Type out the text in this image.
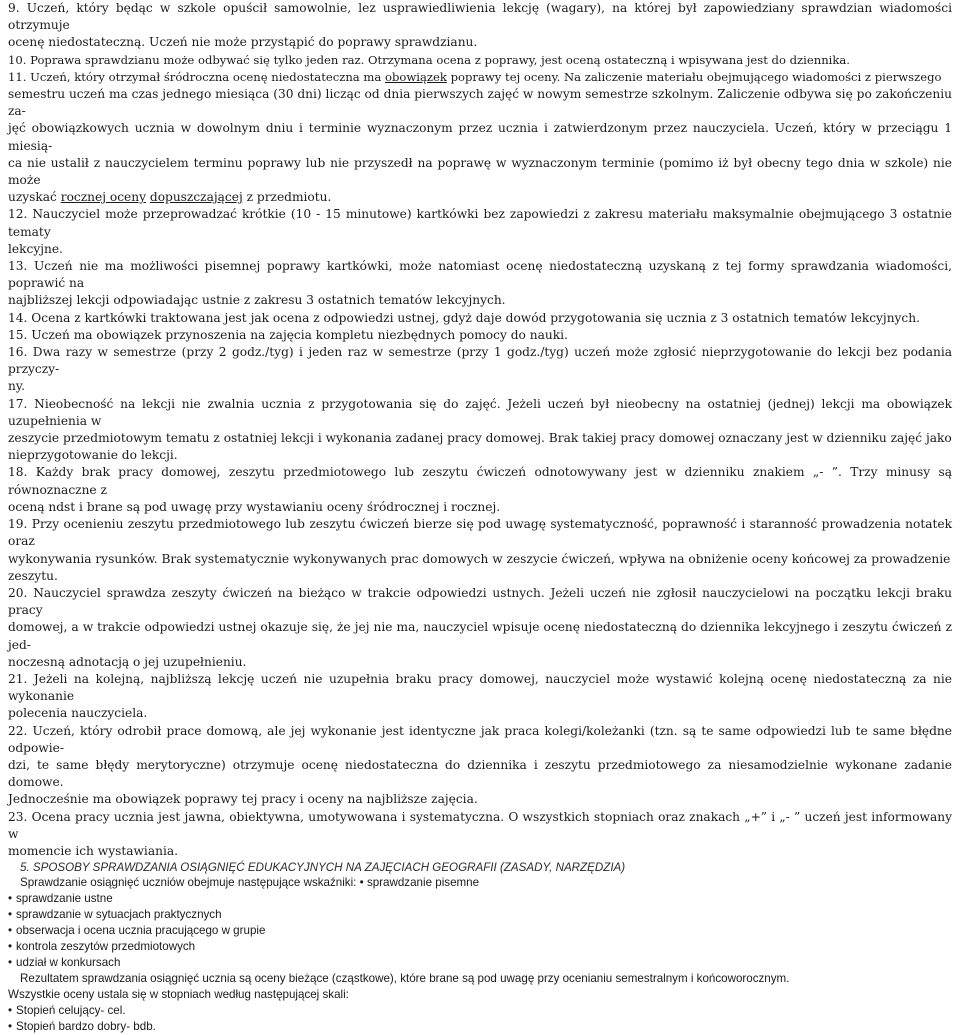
9. Uczeń, który będąc w szkole opuścił samowolnie, lez usprawiedliwienia lekcję (wagary), na której był zapowiedziany sprawdzian wiadomości otrzymuje
ocenę niedostateczną. Uczeń nie może przystąpić do poprawy sprawdzianu.

10. Poprawa sprawdzianu może odbywać się tylko jeden raz. Otrzymana ocena z poprawy, jest oceną ostateczną i wpisywana jest do dziennika.

11. Uczeń, który otrzymał śródroczna ocenę niedostateczna ma obowiązek poprawy tej oceny. Na zaliczenie materiału obejmującego wiadomości z pierwszego
semestru uczeń ma czas jednego miesiąca (30 dni) licząc od dnia pierwszych zajęć w nowym semestrze szkolnym. Zaliczenie odbywa się po zakończeniu za-
jęć obowiązkowych ucznia w dowolnym dniu i terminie wyznaczonym przez ucznia i zatwierdzonym przez nauczyciela. Uczeń, który w przeciągu 1 miesią-
ca nie ustalił z nauczycielem terminu poprawy lub nie przyszedł na poprawę w wyznaczonym terminie (pomimo iż był obecny tego dnia w szkole) nie może
uzyskać rocznej oceny dopuszczającej z przedmiotu.

12. Nauczyciel może przeprowadzać krótkie (10 - 15 minutowe) kartkówki bez zapowiedzi z zakresu materiału maksymalnie obejmującego 3 ostatnie tematy
lekcyjne.

13. Uczeń nie ma możliwości pisemnej poprawy kartkówki, może natomiast ocenę niedostateczną uzyskaną z tej formy sprawdzania wiadomości, poprawić na
najbliższej lekcji odpowiadając ustnie z zakresu 3 ostatnich tematów lekcyjnych.

14. Ocena z kartkówki traktowana jest jak ocena z odpowiedzi ustnej, gdyż daje dowód przygotowania się ucznia z 3 ostatnich tematów lekcyjnych.

15. Uczeń ma obowiązek przynoszenia na zajęcia kompletu niezbędnych pomocy do nauki.

16. Dwa razy w semestrze (przy 2 godz./tyg) i jeden raz w semestrze (przy 1 godz./tyg) uczeń może zgłosić nieprzygotowanie do lekcji bez podania przyczy-
ny.

17. Nieobecność na lekcji nie zwalnia ucznia z przygotowania się do zajęć. Jeżeli uczeń był nieobecny na ostatniej (jednej) lekcji ma obowiązek uzupełnienia w
zeszycie przedmiotowym tematu z ostatniej lekcji i wykonania zadanej pracy domowej. Brak takiej pracy domowej oznaczany jest w dzienniku zajęć jako
nieprzygotowanie do lekcji.

18. Każdy brak pracy domowej, zeszytu przedmiotowego lub zeszytu ćwiczeń odnotowywany jest w dzienniku znakiem „- ”. Trzy minusy są równoznaczne z
oceną ndst i brane są pod uwagę przy wystawianiu oceny śródrocznej i rocznej.

19. Przy ocenieniu zeszytu przedmiotowego lub zeszytu ćwiczeń bierze się pod uwagę systematyczność, poprawność i staranność prowadzenia notatek oraz
wykonywania rysunków. Brak systematycznie wykonywanych prac domowych w zeszycie ćwiczeń, wpływa na obniżenie oceny końcowej za prowadzenie
zeszytu.

20. Nauczyciel sprawdza zeszyty ćwiczeń na bieżąco w trakcie odpowiedzi ustnych. Jeżeli uczeń nie zgłosił nauczycielowi na początku lekcji braku pracy
domowej, a w trakcie odpowiedzi ustnej okazuje się, że jej nie ma, nauczyciel wpisuje ocenę niedostateczną do dziennika lekcyjnego i zeszytu ćwiczeń z jed-
noczesną adnotacją o jej uzupełnieniu.

21. Jeżeli na kolejną, najbliższą lekcję uczeń nie uzupełnia braku pracy domowej, nauczyciel może wystawić kolejną ocenę niedostateczną za nie wykonanie
polecenia nauczyciela.

22. Uczeń, który odrobił prace domową, ale jej wykonanie jest identyczne jak praca kolegi/koleżanki (tzn. są te same odpowiedzi lub te same błędne odpowie-
dzi, te same błędy merytoryczne) otrzymuje ocenę niedostateczna do dziennika i zeszytu przedmiotowego za niesamodzielnie wykonane zadanie domowe.
Jednocześnie ma obowiązek poprawy tej pracy i oceny na najbliższe zajęcia.

23. Ocena pracy ucznia jest jawna, obiektywna, umotywowana i systematyczna. O wszystkich stopniach oraz znakach „+” i „- ” uczeń jest informowany w
momencie ich wystawiania.

5. SPOSOBY SPRAWDZANIA OSIĄGNIĘĆ EDUKACYJNYCH NA ZAJĘCIACH GEOGRAFII (ZASADY, NARZĘDZIA)

Sprawdzanie osiągnięć uczniów obejmuje następujące wskaźniki: • sprawdzanie pisemne

• sprawdzanie ustne

• sprawdzanie w sytuacjach praktycznych

• obserwacja i ocena ucznia pracującego w grupie

• kontrola zeszytów przedmiotowych

• udział w konkursach

Rezultatem sprawdzania osiągnięć ucznia są oceny bieżące (cząstkowe), które brane są pod uwagę przy ocenianiu semestralnym i końcoworocznym.

Wszystkie oceny ustala się w stopniach według następującej skali:

• Stopień celujący- cel.

• Stopień bardzo dobry- bdb.
